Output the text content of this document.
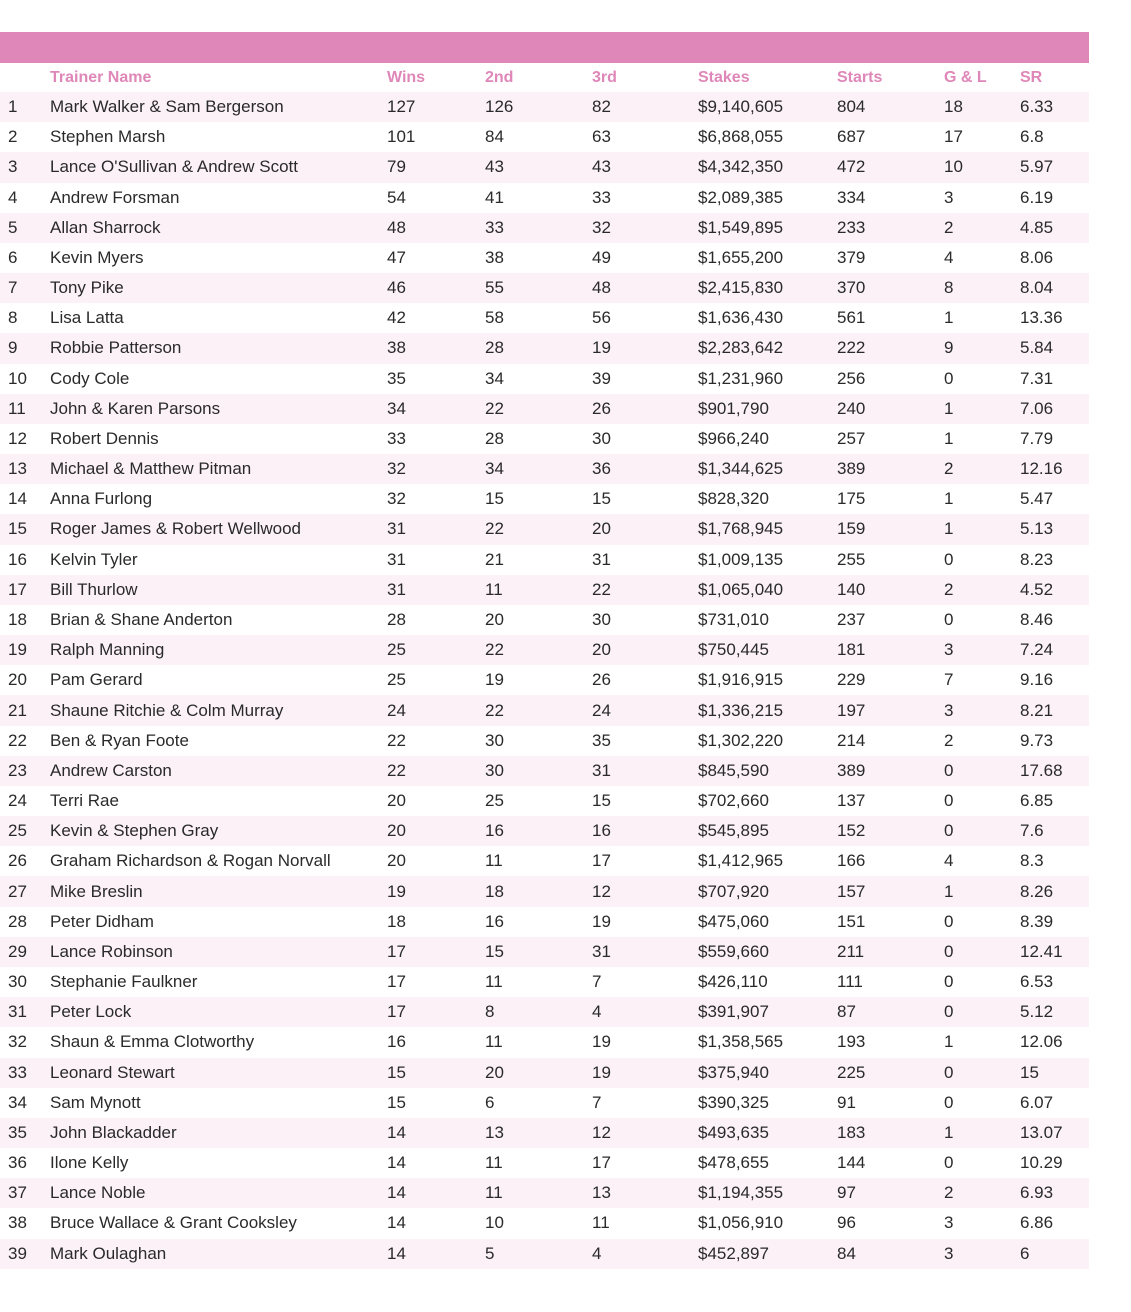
	Trainer Name	Wins	2nd	3rd	Stakes	Starts	G & L	SR
1	Mark Walker & Sam Bergerson	127	126	82	$9,140,605	804	18	6.33
2	Stephen Marsh	101	84	63	$6,868,055	687	17	6.8
3	Lance O'Sullivan & Andrew Scott	79	43	43	$4,342,350	472	10	5.97
4	Andrew Forsman	54	41	33	$2,089,385	334	3	6.19
5	Allan Sharrock	48	33	32	$1,549,895	233	2	4.85
6	Kevin Myers	47	38	49	$1,655,200	379	4	8.06
7	Tony Pike	46	55	48	$2,415,830	370	8	8.04
8	Lisa Latta	42	58	56	$1,636,430	561	1	13.36
9	Robbie Patterson	38	28	19	$2,283,642	222	9	5.84
10	Cody Cole	35	34	39	$1,231,960	256	0	7.31
11	John & Karen Parsons	34	22	26	$901,790	240	1	7.06
12	Robert Dennis	33	28	30	$966,240	257	1	7.79
13	Michael & Matthew Pitman	32	34	36	$1,344,625	389	2	12.16
14	Anna Furlong	32	15	15	$828,320	175	1	5.47
15	Roger James & Robert Wellwood	31	22	20	$1,768,945	159	1	5.13
16	Kelvin Tyler	31	21	31	$1,009,135	255	0	8.23
17	Bill Thurlow	31	11	22	$1,065,040	140	2	4.52
18	Brian & Shane Anderton	28	20	30	$731,010	237	0	8.46
19	Ralph Manning	25	22	20	$750,445	181	3	7.24
20	Pam Gerard	25	19	26	$1,916,915	229	7	9.16
21	Shaune Ritchie & Colm Murray	24	22	24	$1,336,215	197	3	8.21
22	Ben & Ryan Foote	22	30	35	$1,302,220	214	2	9.73
23	Andrew Carston	22	30	31	$845,590	389	0	17.68
24	Terri Rae	20	25	15	$702,660	137	0	6.85
25	Kevin & Stephen Gray	20	16	16	$545,895	152	0	7.6
26	Graham Richardson & Rogan Norvall	20	11	17	$1,412,965	166	4	8.3
27	Mike Breslin	19	18	12	$707,920	157	1	8.26
28	Peter Didham	18	16	19	$475,060	151	0	8.39
29	Lance Robinson	17	15	31	$559,660	211	0	12.41
30	Stephanie Faulkner	17	11	7	$426,110	111	0	6.53
31	Peter Lock	17	8	4	$391,907	87	0	5.12
32	Shaun & Emma Clotworthy	16	11	19	$1,358,565	193	1	12.06
33	Leonard Stewart	15	20	19	$375,940	225	0	15
34	Sam Mynott	15	6	7	$390,325	91	0	6.07
35	John Blackadder	14	13	12	$493,635	183	1	13.07
36	Ilone Kelly	14	11	17	$478,655	144	0	10.29
37	Lance Noble	14	11	13	$1,194,355	97	2	6.93
38	Bruce Wallace & Grant Cooksley	14	10	11	$1,056,910	96	3	6.86
39	Mark Oulaghan	14	5	4	$452,897	84	3	6
